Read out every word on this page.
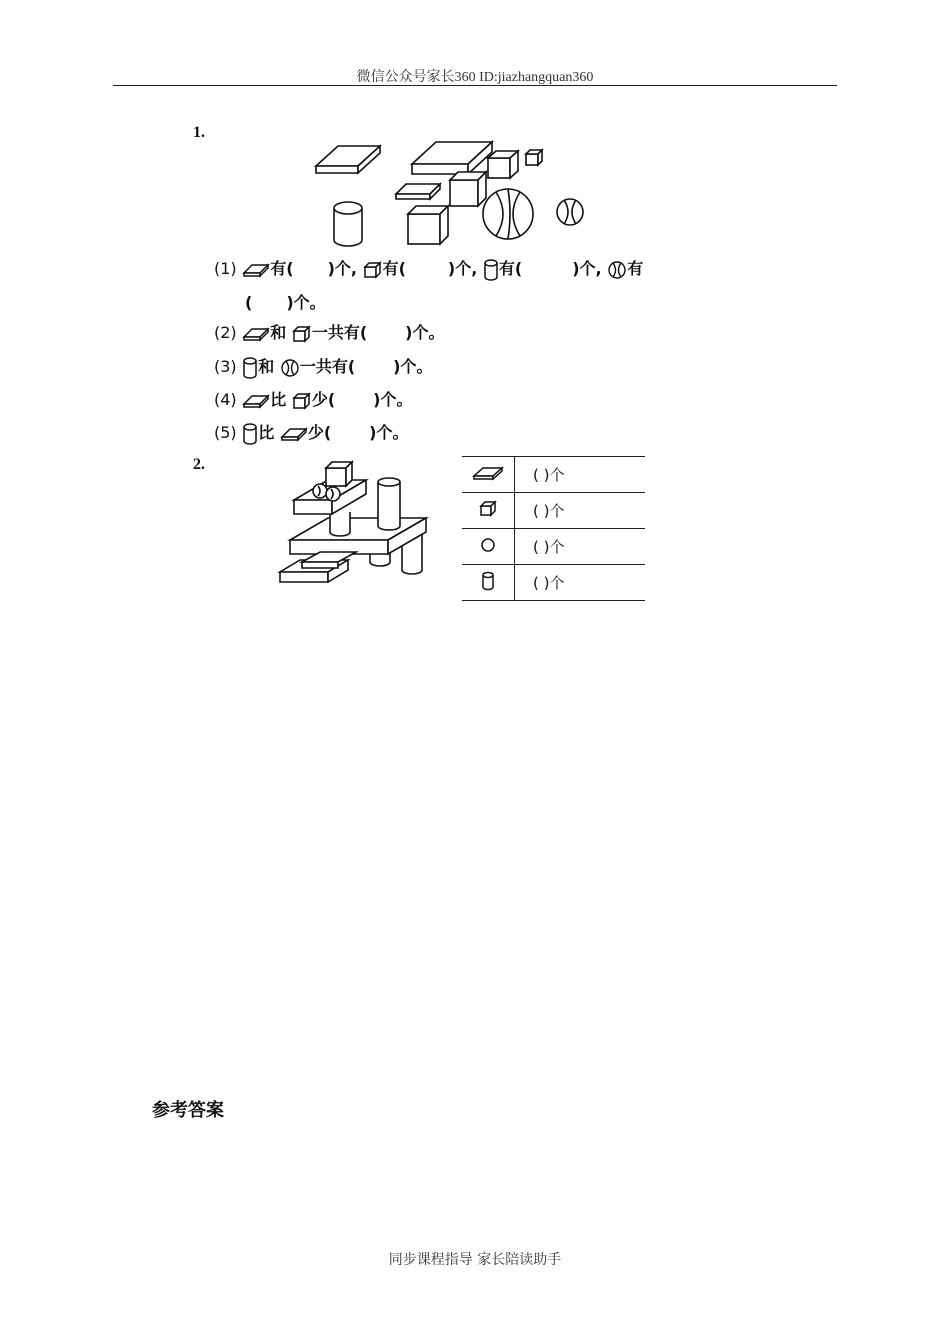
微信公众号家长360 ID:jiazhangquan360
1.
(1) 有( )个, 有(	)个, 有(	)个, 有
( )个。
(2) 和 一共有( )个。
(3) 和 一共有( )个。
(4) 比 少( )个。
(5) 比 少( )个。
2.
	( )个
	( )个
	( )个
	( )个
参考答案
同步课程指导 家长陪读助手
